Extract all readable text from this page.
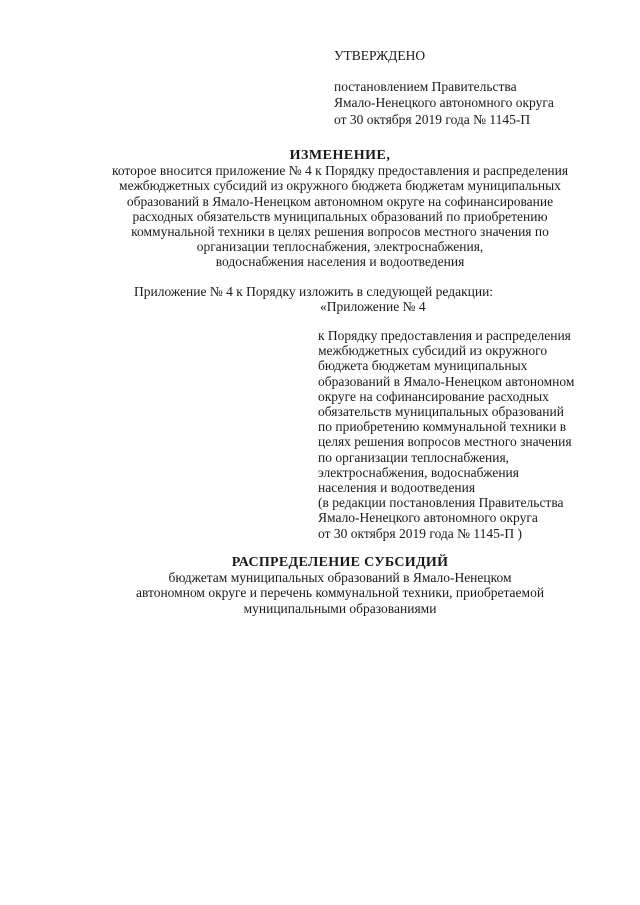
УТВЕРЖДЕНО
постановлением Правительства
Ямало-Ненецкого автономного округа
от 30 октября 2019 года № 1145-П
ИЗМЕНЕНИЕ,
которое вносится приложение № 4 к Порядку предоставления и распределения
межбюджетных субсидий из окружного бюджета бюджетам муниципальных
образований в Ямало-Ненецком автономном округе на софинансирование
расходных обязательств муниципальных образований по приобретению
коммунальной техники в целях решения вопросов местного значения по
организации теплоснабжения, электроснабжения,
водоснабжения населения и водоотведения
Приложение № 4 к Порядку изложить в следующей редакции:
«Приложение № 4
к Порядку предоставления и распределения
межбюджетных субсидий из окружного
бюджета бюджетам муниципальных
образований в Ямало-Ненецком автономном
округе на софинансирование расходных
обязательств муниципальных образований
по приобретению коммунальной техники в
целях решения вопросов местного значения
по организации теплоснабжения,
электроснабжения, водоснабжения
населения и водоотведения
(в редакции постановления Правительства
Ямало-Ненецкого автономного округа
от 30 октября 2019 года № 1145-П )
РАСПРЕДЕЛЕНИЕ СУБСИДИЙ
бюджетам муниципальных образований в Ямало-Ненецком
автономном округе и перечень коммунальной техники, приобретаемой
муниципальными образованиями
